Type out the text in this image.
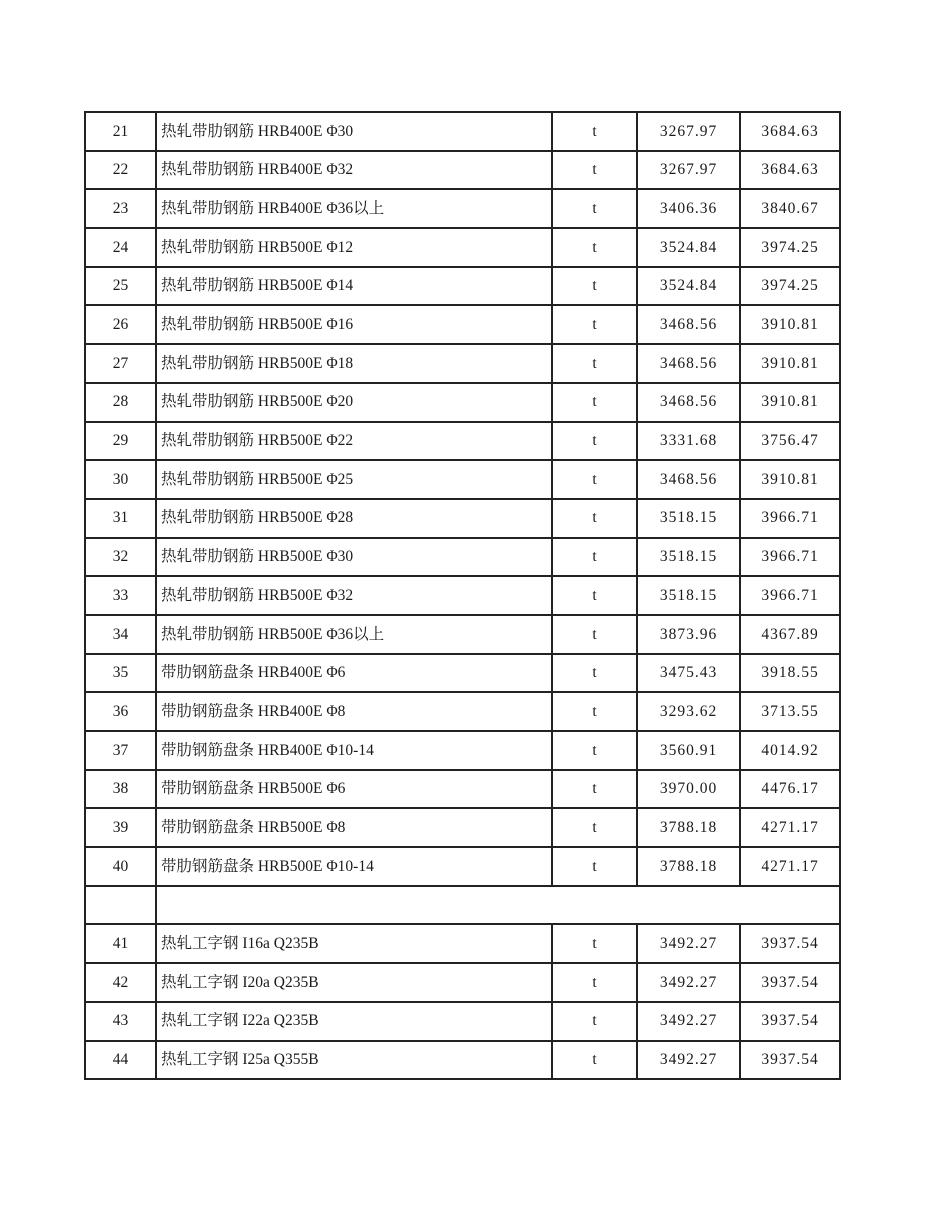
21	热轧带肋钢筋 HRB400E Φ30	t	3267.97	3684.63
22	热轧带肋钢筋 HRB400E Φ32	t	3267.97	3684.63
23	热轧带肋钢筋 HRB400E Φ36以上	t	3406.36	3840.67
24	热轧带肋钢筋 HRB500E Φ12	t	3524.84	3974.25
25	热轧带肋钢筋 HRB500E Φ14	t	3524.84	3974.25
26	热轧带肋钢筋 HRB500E Φ16	t	3468.56	3910.81
27	热轧带肋钢筋 HRB500E Φ18	t	3468.56	3910.81
28	热轧带肋钢筋 HRB500E Φ20	t	3468.56	3910.81
29	热轧带肋钢筋 HRB500E Φ22	t	3331.68	3756.47
30	热轧带肋钢筋 HRB500E Φ25	t	3468.56	3910.81
31	热轧带肋钢筋 HRB500E Φ28	t	3518.15	3966.71
32	热轧带肋钢筋 HRB500E Φ30	t	3518.15	3966.71
33	热轧带肋钢筋 HRB500E Φ32	t	3518.15	3966.71
34	热轧带肋钢筋 HRB500E Φ36以上	t	3873.96	4367.89
35	带肋钢筋盘条 HRB400E Φ6	t	3475.43	3918.55
36	带肋钢筋盘条 HRB400E Φ8	t	3293.62	3713.55
37	带肋钢筋盘条 HRB400E Φ10-14	t	3560.91	4014.92
38	带肋钢筋盘条 HRB500E Φ6	t	3970.00	4476.17
39	带肋钢筋盘条 HRB500E Φ8	t	3788.18	4271.17
40	带肋钢筋盘条 HRB500E Φ10-14	t	3788.18	4271.17

41	热轧工字钢 I16a Q235B	t	3492.27	3937.54
42	热轧工字钢 I20a Q235B	t	3492.27	3937.54
43	热轧工字钢 I22a Q235B	t	3492.27	3937.54
44	热轧工字钢 I25a Q355B	t	3492.27	3937.54
